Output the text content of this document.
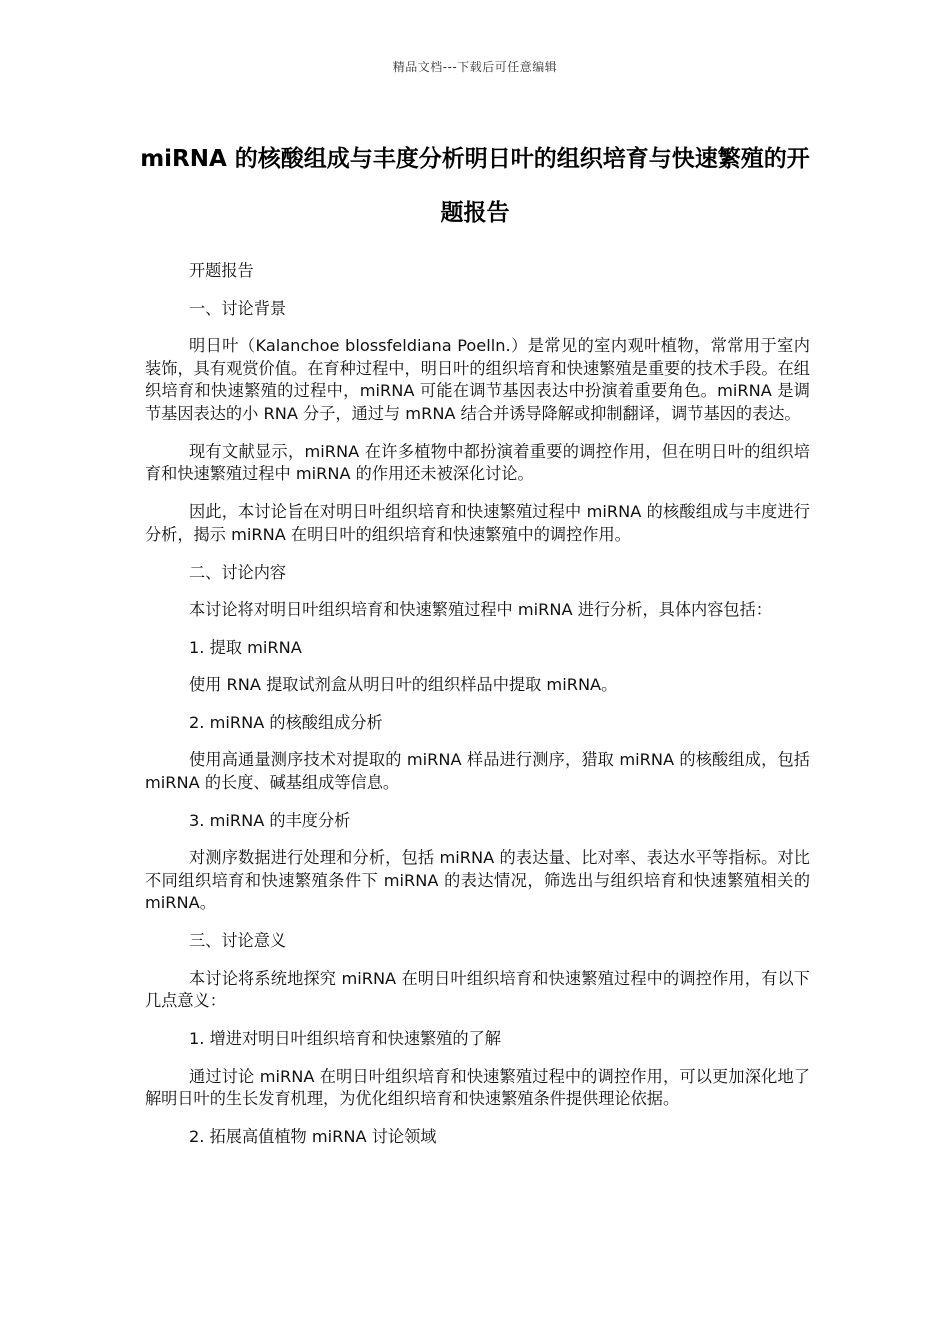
精品文档---下载后可任意编辑
miRNA 的核酸组成与丰度分析明日叶的组织培育与快速繁殖的开题报告

开题报告

一、讨论背景

明日叶（Kalanchoe blossfeldiana Poelln.）是常见的室内观叶植物，常常用于室内装饰，具有观赏价值。在育种过程中，明日叶的组织培育和快速繁殖是重要的技术手段。在组织培育和快速繁殖的过程中，miRNA 可能在调节基因表达中扮演着重要角色。miRNA 是调节基因表达的小 RNA 分子，通过与 mRNA 结合并诱导降解或抑制翻译，调节基因的表达。

现有文献显示，miRNA 在许多植物中都扮演着重要的调控作用，但在明日叶的组织培育和快速繁殖过程中 miRNA 的作用还未被深化讨论。

因此，本讨论旨在对明日叶组织培育和快速繁殖过程中 miRNA 的核酸组成与丰度进行分析，揭示 miRNA 在明日叶的组织培育和快速繁殖中的调控作用。

二、讨论内容

本讨论将对明日叶组织培育和快速繁殖过程中 miRNA 进行分析，具体内容包括：

1. 提取 miRNA

使用 RNA 提取试剂盒从明日叶的组织样品中提取 miRNA。

2. miRNA 的核酸组成分析

使用高通量测序技术对提取的 miRNA 样品进行测序，猎取 miRNA 的核酸组成，包括 miRNA 的长度、碱基组成等信息。

3. miRNA 的丰度分析

对测序数据进行处理和分析，包括 miRNA 的表达量、比对率、表达水平等指标。对比不同组织培育和快速繁殖条件下 miRNA 的表达情况，筛选出与组织培育和快速繁殖相关的 miRNA。

三、讨论意义

本讨论将系统地探究 miRNA 在明日叶组织培育和快速繁殖过程中的调控作用，有以下几点意义：

1. 增进对明日叶组织培育和快速繁殖的了解

通过讨论 miRNA 在明日叶组织培育和快速繁殖过程中的调控作用，可以更加深化地了解明日叶的生长发育机理，为优化组织培育和快速繁殖条件提供理论依据。

2. 拓展高值植物 miRNA 讨论领域
